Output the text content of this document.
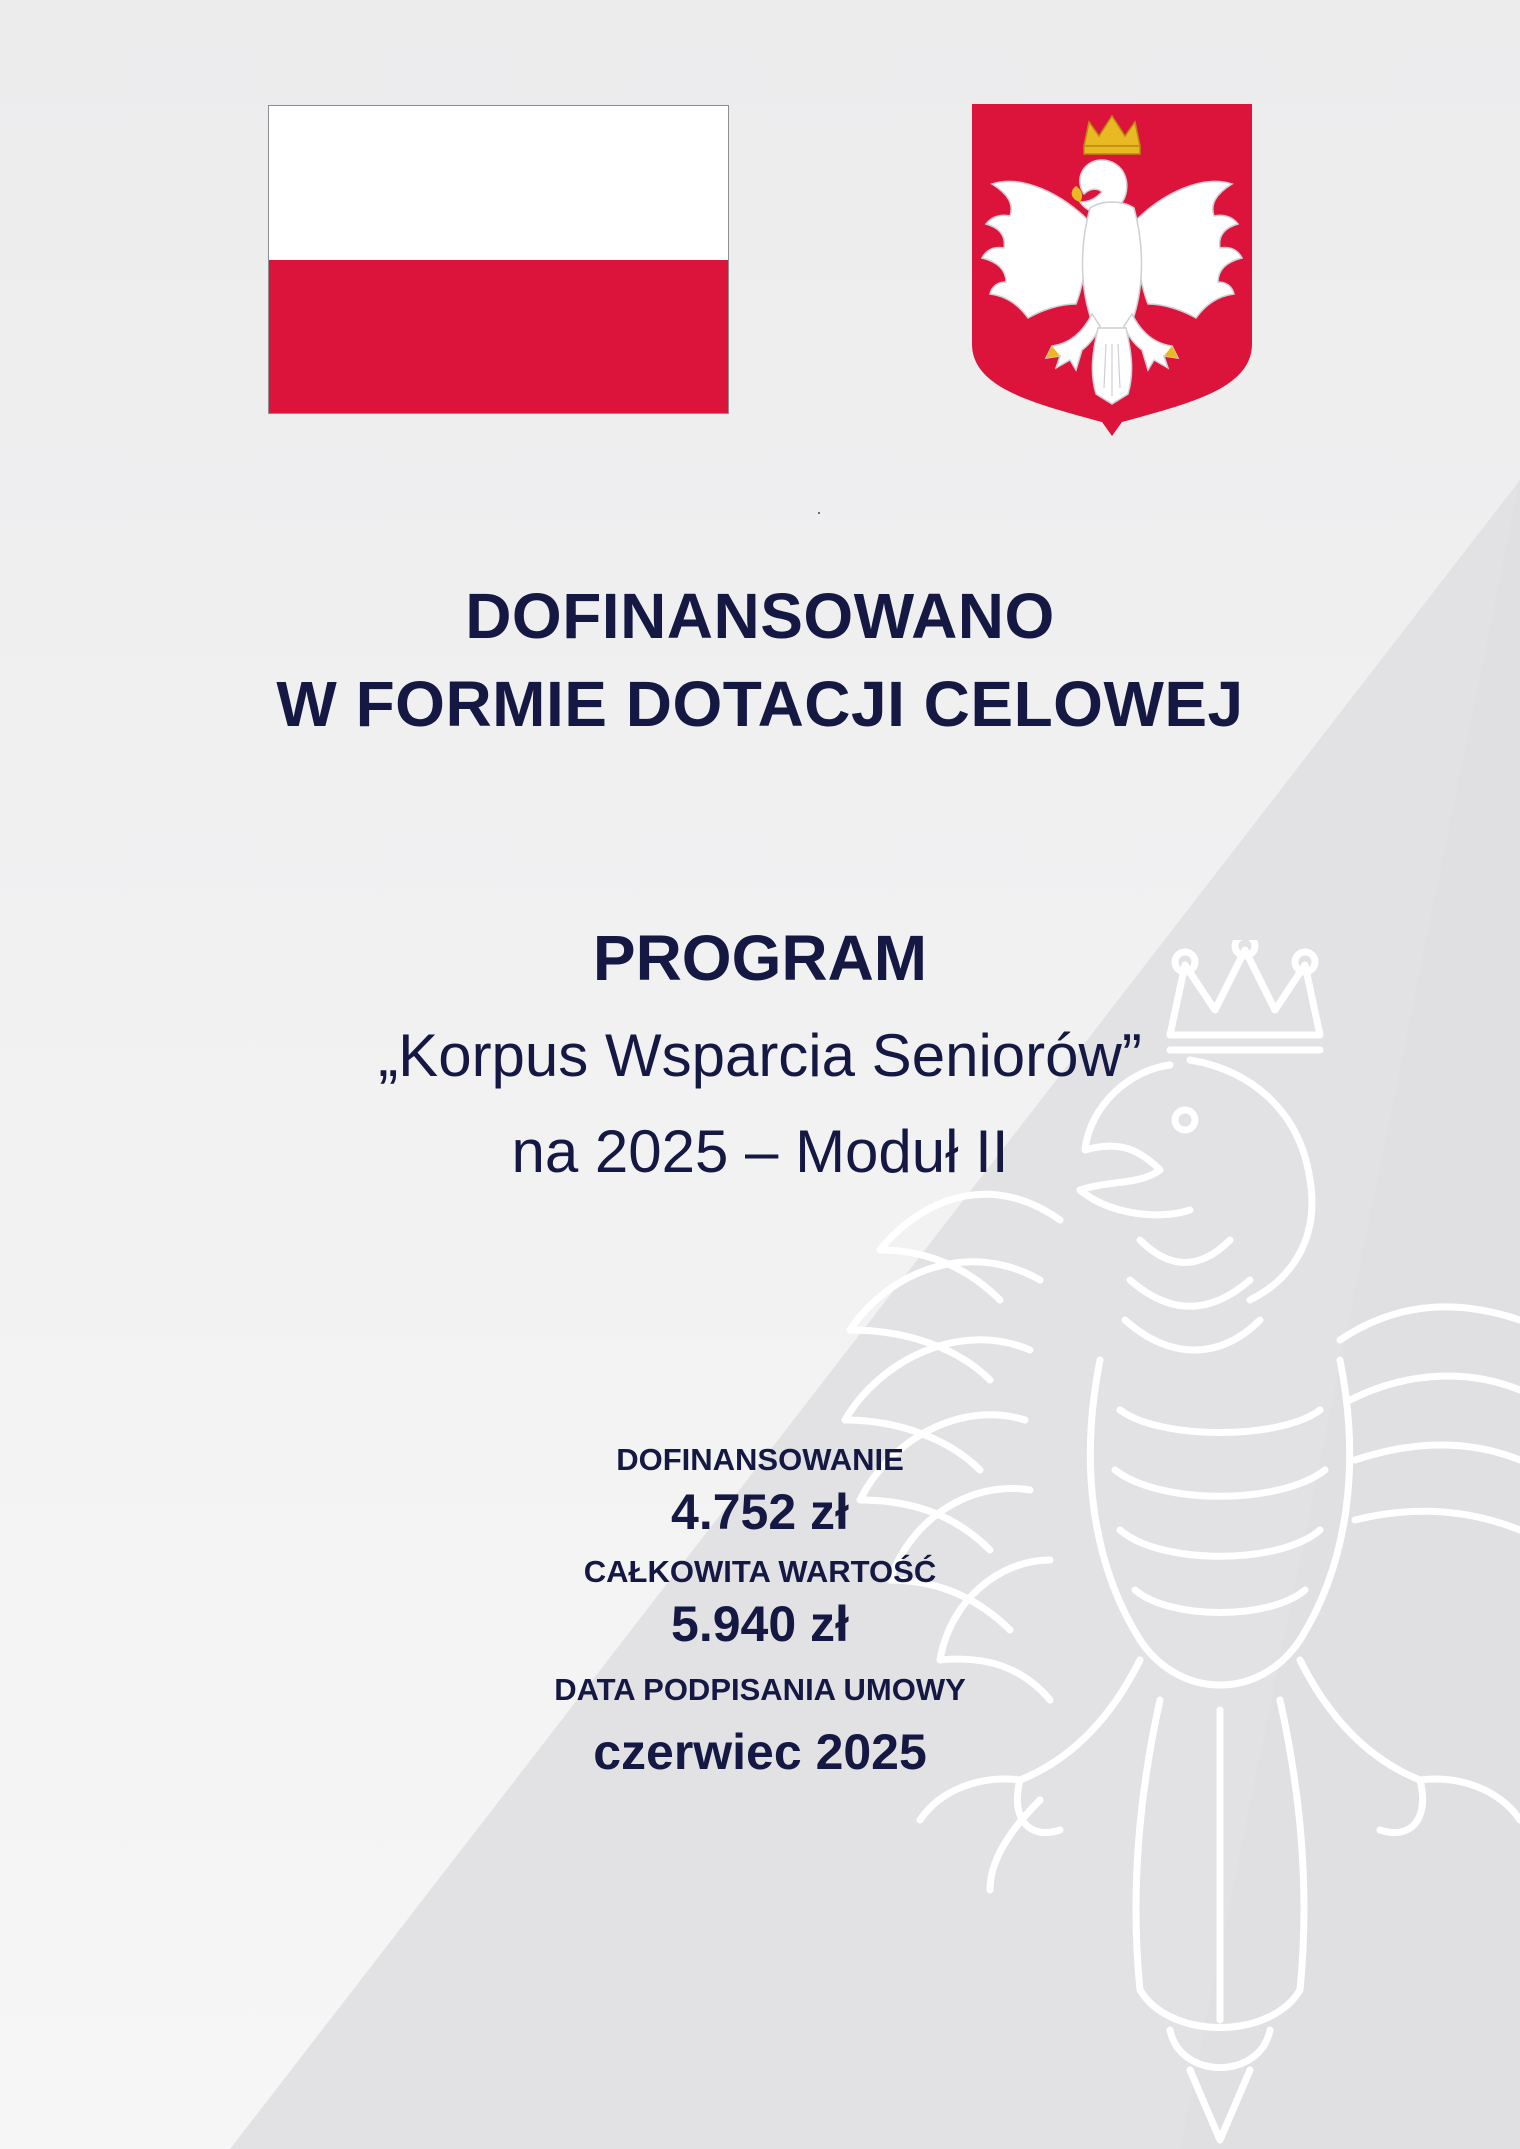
DOFINANSOWANO
W FORMIE DOTACJI CELOWEJ
PROGRAM
„Korpus Wsparcia Seniorów”
na 2025 – Moduł II
DOFINANSOWANIE
4.752 zł
CAŁKOWITA WARTOŚĆ
5.940 zł
DATA PODPISANIA UMOWY
czerwiec 2025
